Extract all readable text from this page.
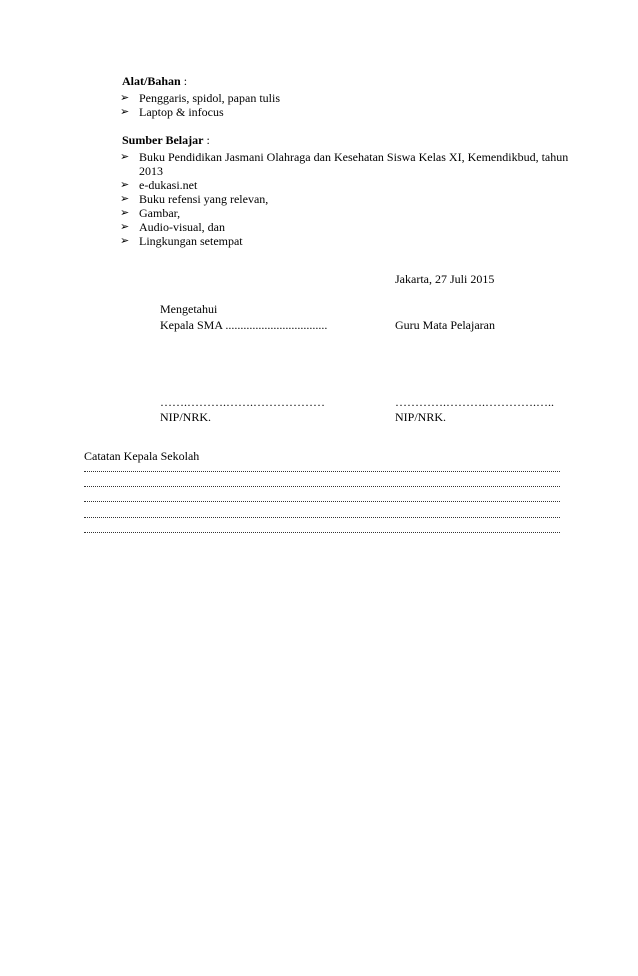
Alat/Bahan :
➢ Penggaris, spidol, papan tulis
➢ Laptop & infocus
Sumber Belajar :
➢ Buku Pendidikan Jasmani Olahraga dan Kesehatan Siswa Kelas XI, Kemendikbud, tahun 2013
➢ e-dukasi.net
➢ Buku refensi yang relevan,
➢ Gambar,
➢ Audio-visual, dan
➢ Lingkungan setempat
Jakarta, 27 Juli 2015
Mengetahui
Kepala SMA ..................................	Guru Mata Pelajaran
…….……….…….………………	………….……….………….…..
NIP/NRK.	NIP/NRK.
Catatan Kepala Sekolah
